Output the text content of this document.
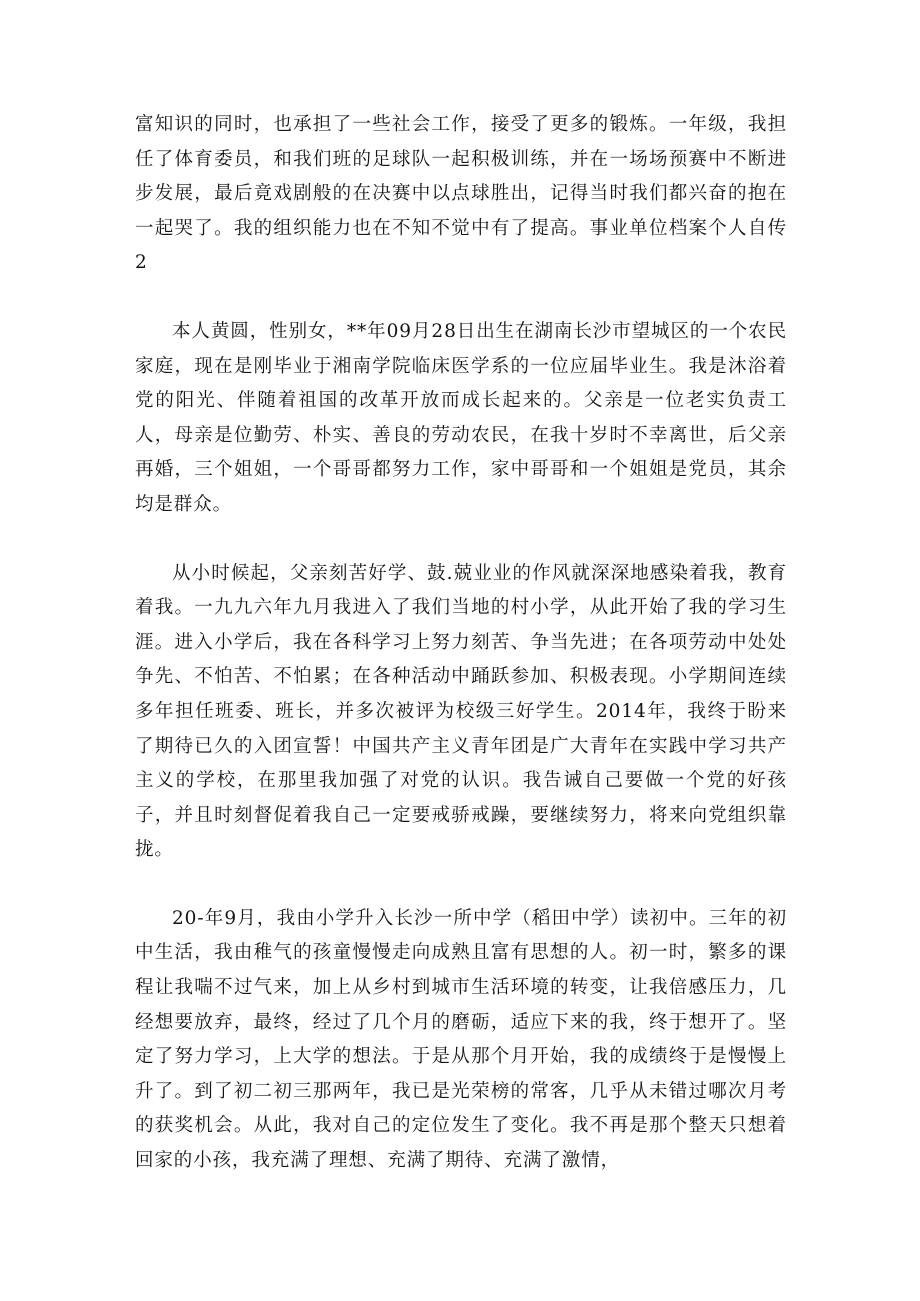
富知识的同时，也承担了一些社会工作，接受了更多的锻炼。一年级，我担任了体育委员，和我们班的足球队一起积极训练，并在一场场预赛中不断进步发展，最后竟戏剧般的在决赛中以点球胜出，记得当时我们都兴奋的抱在一起哭了。我的组织能力也在不知不觉中有了提高。事业单位档案个人自传2

本人黄圆，性别女，**年09月28日出生在湖南长沙市望城区的一个农民家庭，现在是刚毕业于湘南学院临床医学系的一位应届毕业生。我是沐浴着党的阳光、伴随着祖国的改革开放而成长起来的。父亲是一位老实负责工人，母亲是位勤劳、朴实、善良的劳动农民，在我十岁时不幸离世，后父亲再婚，三个姐姐，一个哥哥都努力工作，家中哥哥和一个姐姐是党员，其余均是群众。

从小时候起，父亲刻苦好学、鼓.兢业业的作风就深深地感染着我，教育着我。一九九六年九月我进入了我们当地的村小学，从此开始了我的学习生涯。进入小学后，我在各科学习上努力刻苦、争当先进；在各项劳动中处处争先、不怕苦、不怕累；在各种活动中踊跃参加、积极表现。小学期间连续多年担任班委、班长，并多次被评为校级三好学生。2014年，我终于盼来了期待已久的入团宣誓！中国共产主义青年团是广大青年在实践中学习共产主义的学校，在那里我加强了对党的认识。我告诫自己要做一个党的好孩子，并且时刻督促着我自己一定要戒骄戒躁，要继续努力，将来向党组织靠拢。

20-年9月，我由小学升入长沙一所中学（稻田中学）读初中。三年的初中生活，我由稚气的孩童慢慢走向成熟且富有思想的人。初一时，繁多的课程让我喘不过气来，加上从乡村到城市生活环境的转变，让我倍感压力，几经想要放弃，最终，经过了几个月的磨砺，适应下来的我，终于想开了。坚定了努力学习，上大学的想法。于是从那个月开始，我的成绩终于是慢慢上升了。到了初二初三那两年，我已是光荣榜的常客，几乎从未错过哪次月考的获奖机会。从此，我对自己的定位发生了变化。我不再是那个整天只想着回家的小孩，我充满了理想、充满了期待、充满了激情，
